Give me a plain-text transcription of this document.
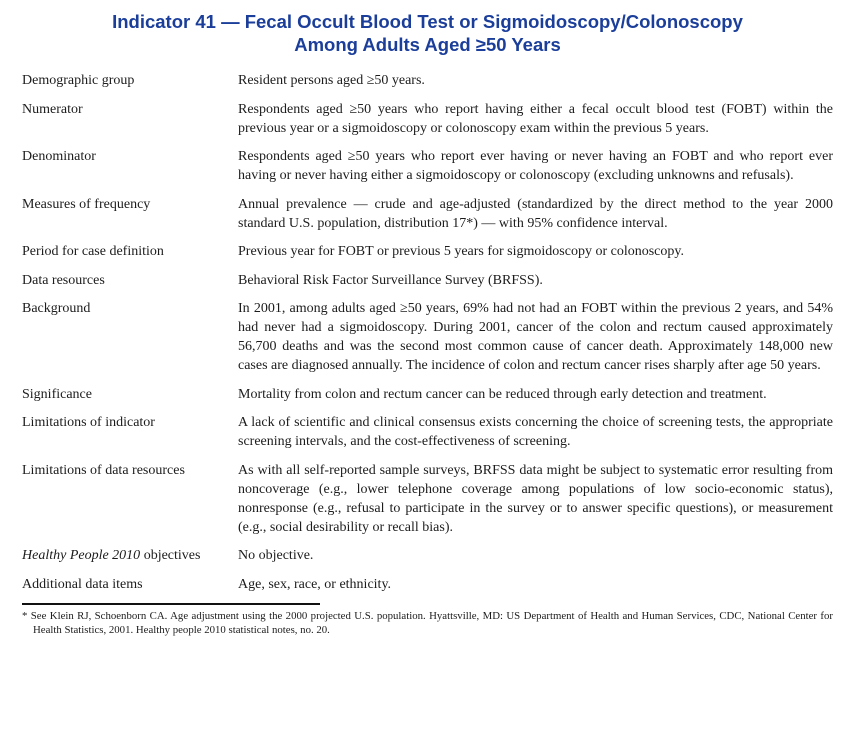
Indicator 41 — Fecal Occult Blood Test or Sigmoidoscopy/Colonoscopy
Among Adults Aged ≥50 Years
Demographic group	Resident persons aged ≥50 years.
Numerator	Respondents aged ≥50 years who report having either a fecal occult blood test (FOBT) within the previous year or a sigmoidoscopy or colonoscopy exam within the previous 5 years.
Denominator	Respondents aged ≥50 years who report ever having or never having an FOBT and who report ever having or never having either a sigmoidoscopy or colonoscopy (excluding unknowns and refusals).
Measures of frequency	Annual prevalence — crude and age-adjusted (standardized by the direct method to the year 2000 standard U.S. population, distribution 17*) — with 95% confidence interval.
Period for case definition	Previous year for FOBT or previous 5 years for sigmoidoscopy or colonoscopy.
Data resources	Behavioral Risk Factor Surveillance Survey (BRFSS).
Background	In 2001, among adults aged ≥50 years, 69% had not had an FOBT within the previous 2 years, and 54% had never had a sigmoidoscopy. During 2001, cancer of the colon and rectum caused approximately 56,700 deaths and was the second most common cause of cancer death. Approximately 148,000 new cases are diagnosed annually. The incidence of colon and rectum cancer rises sharply after age 50 years.
Significance	Mortality from colon and rectum cancer can be reduced through early detection and treatment.
Limitations of indicator	A lack of scientific and clinical consensus exists concerning the choice of screening tests, the appropriate screening intervals, and the cost-effectiveness of screening.
Limitations of data resources	As with all self-reported sample surveys, BRFSS data might be subject to systematic error resulting from noncoverage (e.g., lower telephone coverage among populations of low socio-economic status), nonresponse (e.g., refusal to participate in the survey or to answer specific questions), or measurement (e.g., social desirability or recall bias).
Healthy People 2010 objectives	No objective.
Additional data items	Age, sex, race, or ethnicity.

* See Klein RJ, Schoenborn CA. Age adjustment using the 2000 projected U.S. population. Hyattsville, MD: US Department of Health and Human Services, CDC, National Center for Health Statistics, 2001. Healthy people 2010 statistical notes, no. 20.
